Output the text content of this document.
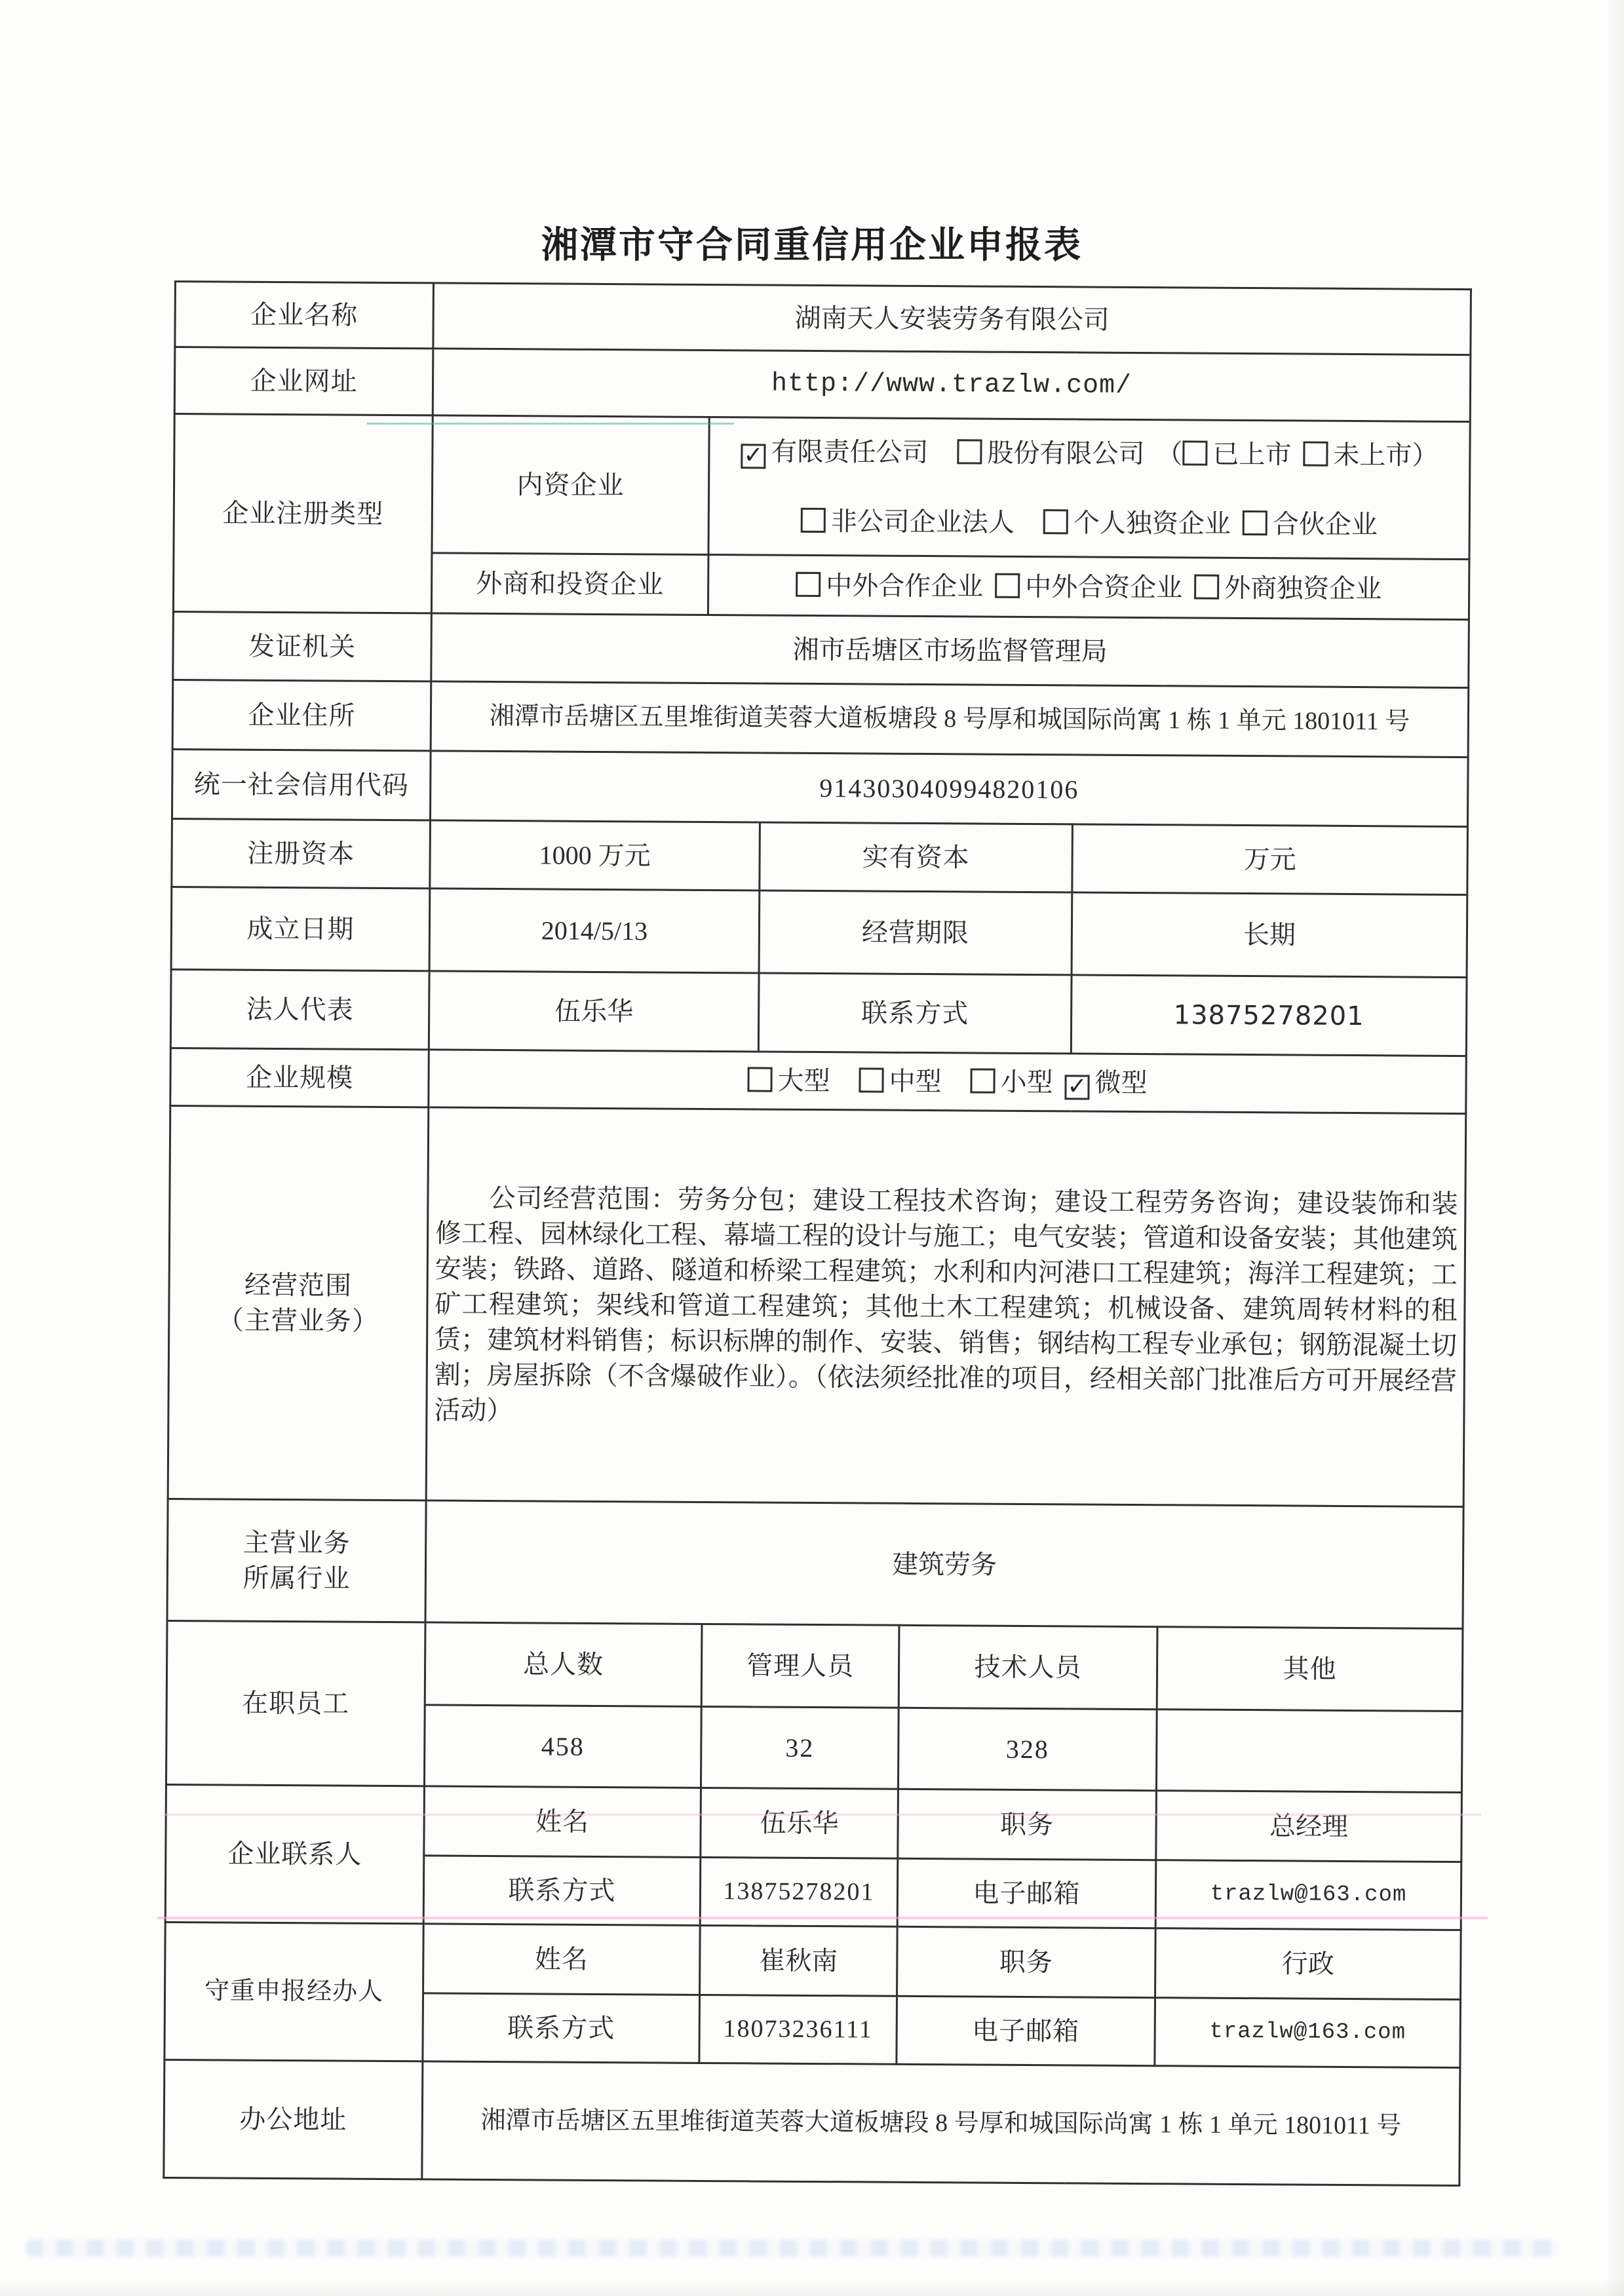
湘潭市守合同重信用企业申报表
企业名称	湖南天人安装劳务有限公司					
企业网址	http://www.trazlw.com/					
企业注册类型	内资企业	✓ 有限责任公司 股份有限公司 （ 已上市 未上市）
非公司企业法人 个人独资企业 合伙企业				

	外商和投资企业	中外合作企业 中外合资企业 外商独资企业				

发证机关	湘市岳塘区市场监督管理局					
企业住所	湘潭市岳塘区五里堆街道芙蓉大道板塘段 8 号厚和城国际尚寓 1 栋 1 单元 1801011 号					
统一社会信用代码	914303040994820106					
注册资本	1000 万元		实有资本		万元	
成立日期	2014/5/13		经营期限		长期	
法人代表	伍乐华		联系方式		13875278201	
企业规模	大型 中型 小型 ✓ 微型					

经营范围
（主营业务）	公司经营范围：劳务分包；建设工程技术咨询；建设工程劳务咨询；建设装饰和装修工程、园林绿化工程、幕墙工程的设计与施工；电气安装；管道和设备安装；其他建筑安装；铁路、道路、隧道和桥梁工程建筑；水利和内河港口工程建筑；海洋工程建筑；工矿工程建筑；架线和管道工程建筑；其他土木工程建筑；机械设备、建筑周转材料的租赁；建筑材料销售；标识标牌的制作、安装、销售；钢结构工程专业承包；钢筋混凝土切割；房屋拆除（不含爆破作业）。（依法须经批准的项目，经相关部门批准后方可开展经营活动）					

主营业务
所属行业	建筑劳务					
在职员工	总人数	管理人员		技术人员		其他
	458	32		328		
企业联系人	姓名	伍乐华		职务		总经理
	联系方式	13875278201		电子邮箱		trazlw@163.com
守重申报经办人	姓名	崔秋南		职务		行政
	联系方式	18073236111		电子邮箱		trazlw@163.com
办公地址	湘潭市岳塘区五里堆街道芙蓉大道板塘段 8 号厚和城国际尚寓 1 栋 1 单元 1801011 号					
